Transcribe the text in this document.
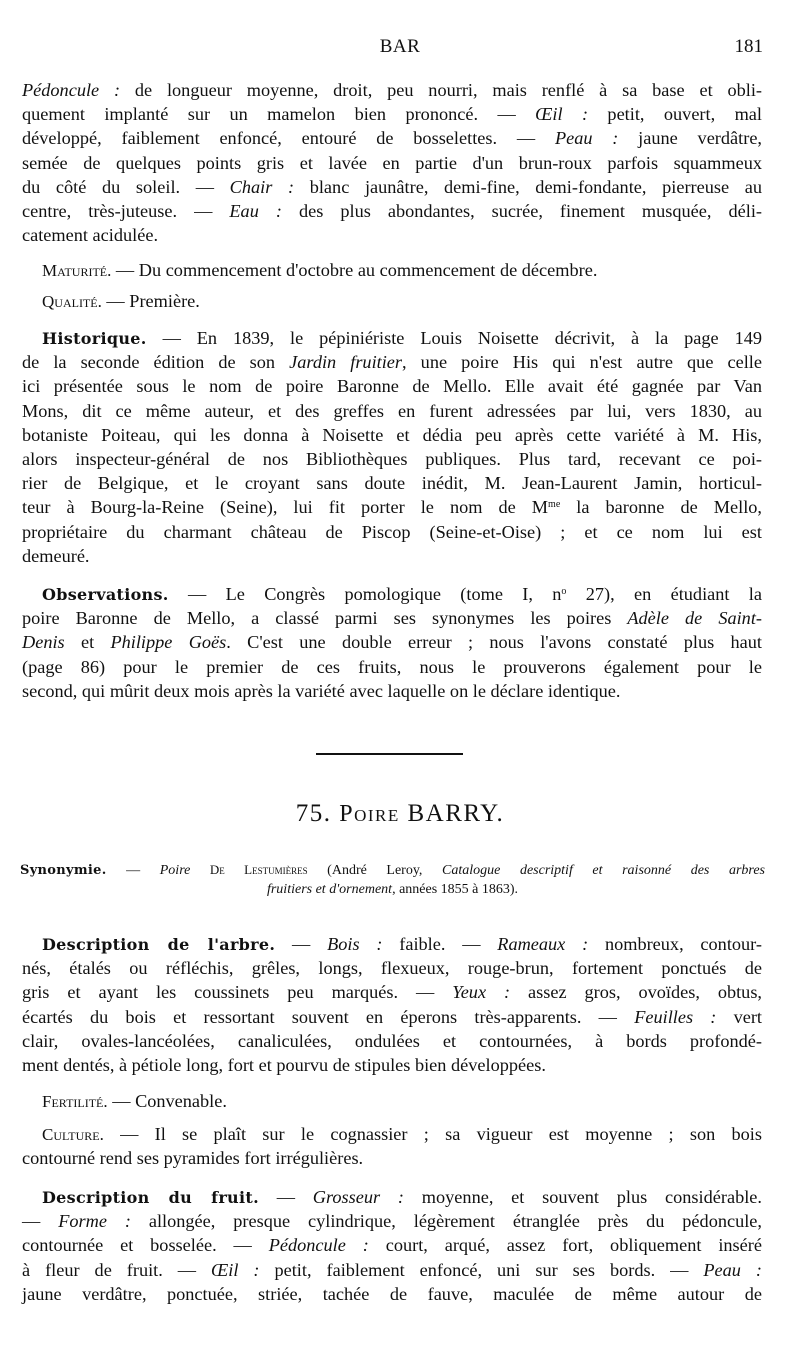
BAR	181
Pédoncule : de longueur moyenne, droit, peu nourri, mais renflé à sa base et obli-
quement implanté sur un mamelon bien prononcé. — Œil : petit, ouvert, mal
développé, faiblement enfoncé, entouré de bosselettes. — Peau : jaune verdâtre,
semée de quelques points gris et lavée en partie d'un brun-roux parfois squammeux
du côté du soleil. — Chair : blanc jaunâtre, demi-fine, demi-fondante, pierreuse au
centre, très-juteuse. — Eau : des plus abondantes, sucrée, finement musquée, déli-
catement acidulée.
Maturité. — Du commencement d'octobre au commencement de décembre.
Qualité. — Première.
Historique. — En 1839, le pépiniériste Louis Noisette décrivit, à la page 149
de la seconde édition de son Jardin fruitier, une poire His qui n'est autre que celle
ici présentée sous le nom de poire Baronne de Mello. Elle avait été gagnée par Van
Mons, dit ce même auteur, et des greffes en furent adressées par lui, vers 1830, au
botaniste Poiteau, qui les donna à Noisette et dédia peu après cette variété à M. His,
alors inspecteur-général de nos Bibliothèques publiques. Plus tard, recevant ce poi-
rier de Belgique, et le croyant sans doute inédit, M. Jean-Laurent Jamin, horticul-
teur à Bourg-la-Reine (Seine), lui fit porter le nom de $M^{me}$ la baronne de Mello,
propriétaire du charmant château de Piscop (Seine-et-Oise) ; et ce nom lui est
demeuré.
Observations. — Le Congrès pomologique (tome I, $n^o$ 27), en étudiant la
poire Baronne de Mello, a classé parmi ses synonymes les poires Adèle de Saint-
Denis et Philippe Goës. C'est une double erreur ; nous l'avons constaté plus haut
(page 86) pour le premier de ces fruits, nous le prouverons également pour le
second, qui mûrit deux mois après la variété avec laquelle on le déclare identique.
75. Poire BARRY.
Synonymie. — Poire De Lestumières (André Leroy, Catalogue descriptif et raisonné des arbres
fruitiers et d'ornement, années 1855 à 1863).
Description de l'arbre. — Bois : faible. — Rameaux : nombreux, contour-
nés, étalés ou réfléchis, grêles, longs, flexueux, rouge-brun, fortement ponctués de
gris et ayant les coussinets peu marqués. — Yeux : assez gros, ovoïdes, obtus,
écartés du bois et ressortant souvent en éperons très-apparents. — Feuilles : vert
clair, ovales-lancéolées, canaliculées, ondulées et contournées, à bords profondé-
ment dentés, à pétiole long, fort et pourvu de stipules bien développées.
Fertilité. — Convenable.
Culture. — Il se plaît sur le cognassier ; sa vigueur est moyenne ; son bois
contourné rend ses pyramides fort irrégulières.
Description du fruit. — Grosseur : moyenne, et souvent plus considérable.
— Forme : allongée, presque cylindrique, légèrement étranglée près du pédoncule,
contournée et bosselée. — Pédoncule : court, arqué, assez fort, obliquement inséré
à fleur de fruit. — Œil : petit, faiblement enfoncé, uni sur ses bords. — Peau :
jaune verdâtre, ponctuée, striée, tachée de fauve, maculée de même autour de
